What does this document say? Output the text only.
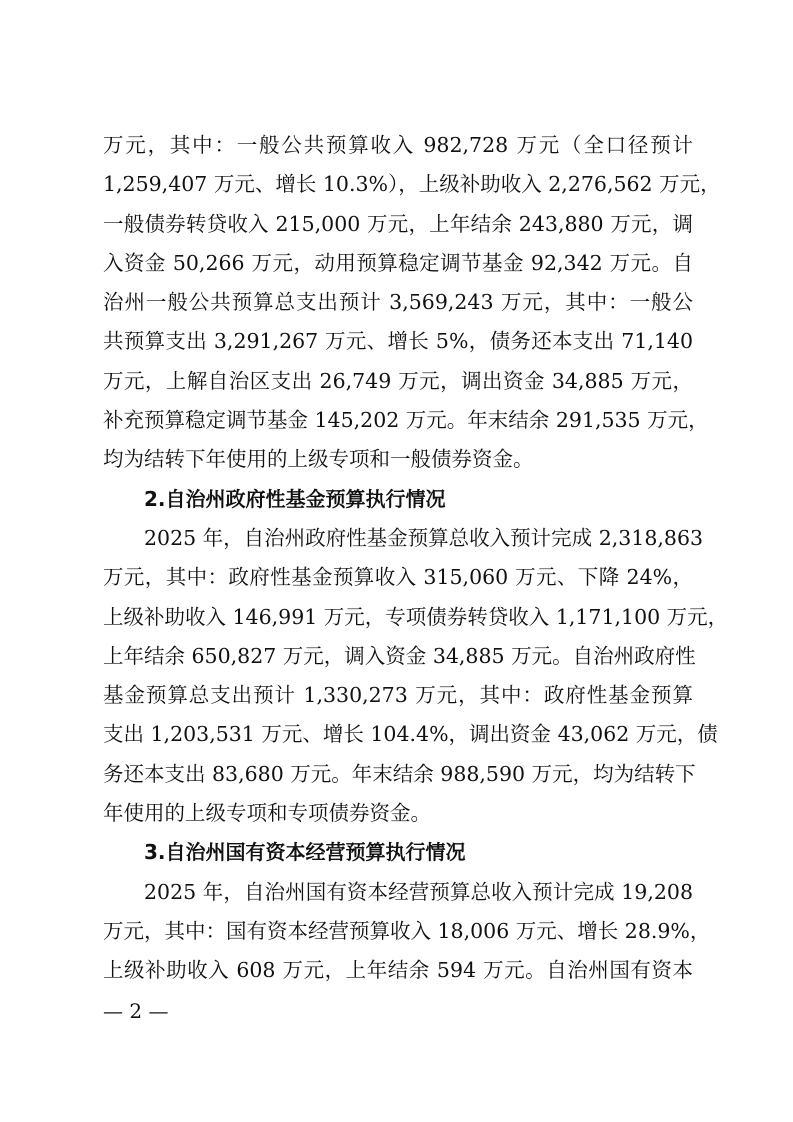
万元，其中：一般公共预算收入 982,728 万元（全口径预计
1,259,407 万元、增长 10.3%），上级补助收入 2,276,562 万元，
一般债券转贷收入 215,000 万元，上年结余 243,880 万元，调
入资金 50,266 万元，动用预算稳定调节基金 92,342 万元。自
治州一般公共预算总支出预计 3,569,243 万元，其中：一般公
共预算支出 3,291,267 万元、增长 5%，债务还本支出 71,140
万元，上解自治区支出 26,749 万元，调出资金 34,885 万元，
补充预算稳定调节基金 145,202 万元。年末结余 291,535 万元，
均为结转下年使用的上级专项和一般债券资金。
2.自治州政府性基金预算执行情况
2025 年，自治州政府性基金预算总收入预计完成 2,318,863
万元，其中：政府性基金预算收入 315,060 万元、下降 24%，
上级补助收入 146,991 万元，专项债券转贷收入 1,171,100 万元，
上年结余 650,827 万元，调入资金 34,885 万元。自治州政府性
基金预算总支出预计 1,330,273 万元，其中：政府性基金预算
支出 1,203,531 万元、增长 104.4%，调出资金 43,062 万元，债
务还本支出 83,680 万元。年末结余 988,590 万元，均为结转下
年使用的上级专项和专项债券资金。
3.自治州国有资本经营预算执行情况
2025 年，自治州国有资本经营预算总收入预计完成 19,208
万元，其中：国有资本经营预算收入 18,006 万元、增长 28.9%，
上级补助收入 608 万元，上年结余 594 万元。自治州国有资本
— 2 —
